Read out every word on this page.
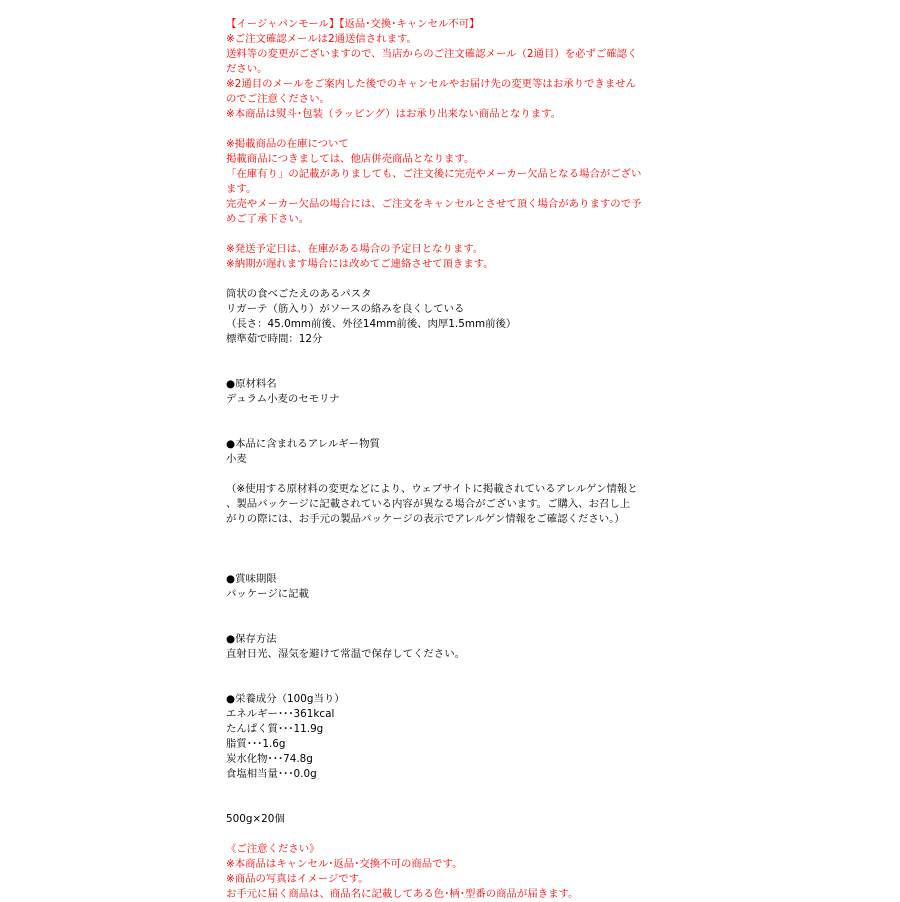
【イージャパンモール】【返品･交換･キャンセル不可】
※ご注文確認メールは2通送信されます。
送料等の変更がございますので、当店からのご注文確認メール（2通目）を必ずご確認く
ださい。
※2通目のメールをご案内した後でのキャンセルやお届け先の変更等はお承りできません
のでご注意ください。
※本商品は熨斗･包装（ラッピング）はお承り出来ない商品となります。
※掲載商品の在庫について
掲載商品につきましては、他店併売商品となります。
「在庫有り」の記載がありましても、ご注文後に完売やメーカー欠品となる場合がござい
ます。
完売やメーカー欠品の場合には、ご注文をキャンセルとさせて頂く場合がありますので予
めご了承下さい。
※発送予定日は、在庫がある場合の予定日となります。
※納期が遅れます場合には改めてご連絡させて頂きます。
筒状の食べごたえのあるパスタ
リガーテ（筋入り）がソースの絡みを良くしている
（長さ：45.0mm前後、外径14mm前後、肉厚1.5mm前後）
標準茹で時間：12分
●原材料名
デュラム小麦のセモリナ
●本品に含まれるアレルギー物質
小麦
（※使用する原材料の変更などにより、ウェブサイトに掲載されているアレルゲン情報と
、製品パッケージに記載されている内容が異なる場合がございます。ご購入、お召し上
がりの際には、お手元の製品パッケージの表示でアレルゲン情報をご確認ください。）
●賞味期限
パッケージに記載
●保存方法
直射日光、湿気を避けて常温で保存してください。
●栄養成分（100g当り）
エネルギー･･･361kcal
たんぱく質･･･11.9g
脂質･･･1.6g
炭水化物･･･74.8g
食塩相当量･･･0.0g
500g×20個
《ご注意ください》
※本商品はキャンセル･返品･交換不可の商品です。
※商品の写真はイメージです。
お手元に届く商品は、商品名に記載してある色･柄･型番の商品が届きます。
